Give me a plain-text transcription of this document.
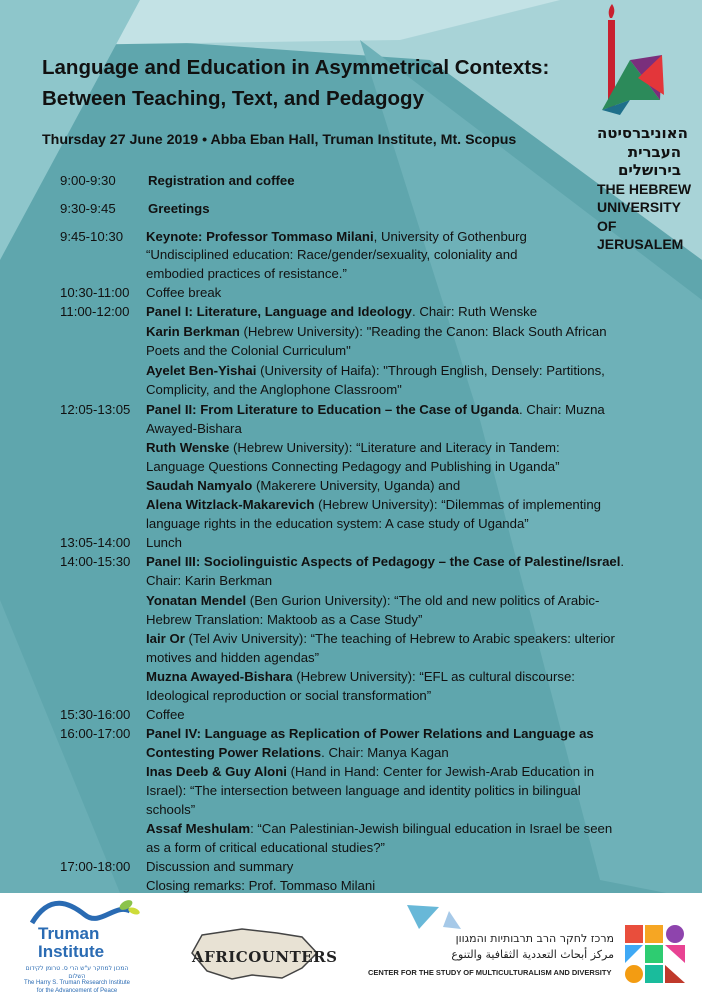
Language and Education in Asymmetrical Contexts:
Between Teaching, Text, and Pedagogy
Thursday 27 June 2019 • Abba Eban Hall, Truman Institute, Mt. Scopus	האוניברסיטה
העברית
בירושלים
THE HEBREW
UNIVERSITY
OF JERUSALEM
9:00-9:30	Registration and coffee
9:30-9:45	Greetings
9:45-10:30	Keynote: Professor Tommaso Milani, University of Gothenburg
“Undisciplined education: Race/gender/sexuality, coloniality and
embodied practices of resistance.”
10:30-11:00	Coffee break
11:00-12:00	Panel I: Literature, Language and Ideology. Chair: Ruth Wenske
Karin Berkman (Hebrew University): "Reading the Canon: Black South African
Poets and the Colonial Curriculum"
Ayelet Ben-Yishai (University of Haifa): "Through English, Densely: Partitions,
Complicity, and the Anglophone Classroom"
12:05-13:05	Panel II: From Literature to Education – the Case of Uganda. Chair: Muzna
Awayed-Bishara
Ruth Wenske (Hebrew University): “Literature and Literacy in Tandem:
Language Questions Connecting Pedagogy and Publishing in Uganda”
Saudah Namyalo (Makerere University, Uganda) and
Alena Witzlack-Makarevich (Hebrew University): “Dilemmas of implementing
language rights in the education system: A case study of Uganda”
13:05-14:00	Lunch
14:00-15:30	Panel III: Sociolinguistic Aspects of Pedagogy – the Case of Palestine/Israel.
Chair: Karin Berkman
Yonatan Mendel (Ben Gurion University): “The old and new politics of Arabic-
Hebrew Translation: Maktoob as a Case Study”
Iair Or (Tel Aviv University): “The teaching of Hebrew to Arabic speakers: ulterior
motives and hidden agendas”
Muzna Awayed-Bishara (Hebrew University): “EFL as cultural discourse:
Ideological reproduction or social transformation”
15:30-16:00	Coffee
16:00-17:00	Panel IV: Language as Replication of Power Relations and Language as
Contesting Power Relations. Chair: Manya Kagan
Inas Deeb & Guy Aloni (Hand in Hand: Center for Jewish-Arab Education in
Israel): “The intersection between language and identity politics in bilingual
schools”
Assaf Meshulam: “Can Palestinian-Jewish bilingual education in Israel be seen
as a form of critical educational studies?”
17:00-18:00	Discussion and summary
Closing remarks: Prof. Tommaso Milani
Truman
Institute
המכון למחקר ע"ש הרי ס. טרומן לקידום השלום
The Harry S. Truman Research Institute
for the Advancement of Peace
AFRICOUNTERS
מרכז לחקר הרב תרבותיות והמגוון
مركز أبحاث التعددية الثقافية والتنوع
CENTER FOR THE STUDY OF MULTICULTURALISM AND DIVERSITY
